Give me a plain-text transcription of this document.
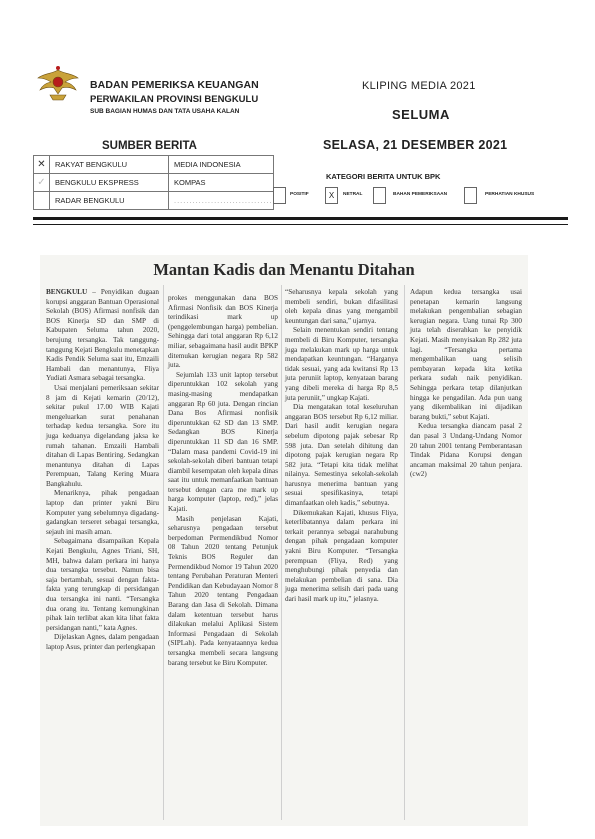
BADAN PEMERIKSA KEUANGAN
PERWAKILAN PROVINSI BENGKULU
SUB BAGIAN HUMAS DAN TATA USAHA KALAN
KLIPING MEDIA 2021
SELUMA
SELASA, 21 DESEMBER 2021
SUMBER BERITA
✕	RAKYAT BENGKULU	MEDIA INDONESIA
✓	BENGKULU EKSPRESS	KOMPAS
	RADAR BENGKULU	................................
KATEGORI BERITA UNTUK BPK
POSITIF	X	NETRAL	BAHAN PEMERIKSAAN	PERHATIAN KHUSUS
Mantan Kadis dan Menantu Ditahan

BENGKULU – Penyidikan dugaan korupsi anggaran Bantuan Operasional Sekolah (BOS) Afirmasi nonfisik dan BOS Kinerja SD dan SMP di Kabupaten Seluma tahun 2020, berujung tersangka. Tak tanggung-tanggung Kejati Bengkulu menetapkan Kadis Pendik Seluma saat itu, Emzaili Hambali dan menantunya, Fliya Yudiati Asmara sebagai tersangka.

Usai menjalani pemeriksaan sekitar 8 jam di Kejati kemarin (20/12), sekitar pukul 17.00 WIB Kajati mengeluarkan surat penahanan terhadap kedua tersangka. Sore itu juga keduanya digelandang jaksa ke rumah tahanan. Emzaili Hambali ditahan di Lapas Bentiring. Sedangkan menantunya ditahan di Lapas Perempuan, Talang Kering Muara Bangkahulu.

Menariknya, pihak pengadaan laptop dan printer yakni Biru Komputer yang sebelumnya digadang-gadangkan terseret sebagai tersangka, sejauh ini masih aman.

Sebagaimana disampaikan Kepala Kejati Bengkulu, Agnes Triani, SH, MH, bahwa dalam perkara ini hanya dua tersangka tersebut. Namun bisa saja bertambah, sesuai dengan fakta-fakta yang terungkap di persidangan dua tersangka ini nanti. “Tersangka dua orang itu. Tentang kemungkinan pihak lain terlibat akan kita lihat fakta persidangan nanti,” kata Agnes.

Dijelaskan Agnes, dalam pengadaan laptop Asus, printer dan perlengkapan

prokes menggunakan dana BOS Afirmasi Nonfisik dan BOS Kinerja terindikasi mark up (penggelembungan harga) pembelian. Sehingga dari total anggaran Rp 6,12 miliar, sebagaimana hasil audit BPKP ditemukan kerugian negara Rp 582 juta.

Sejumlah 133 unit laptop tersebut diperuntukkan 102 sekolah yang masing-masing mendapatkan anggaran Rp 60 juta. Dengan rincian Dana Bos Afirmasi nonfisik diperuntukkan 62 SD dan 13 SMP. Sedangkan BOS Kinerja diperuntukkan 11 SD dan 16 SMP. “Dalam masa pandemi Covid-19 ini sekolah-sekolah diberi bantuan tetapi diambil kesempatan oleh kepala dinas saat itu untuk memanfaatkan bantuan tersebut dengan cara me mark up harga komputer (laptop, red),” jelas Kajati.

Masih penjelasan Kajati, seharusnya pengadaan tersebut berpedoman Permendikbud Nomor 08 Tahun 2020 tentang Petunjuk Teknis BOS Reguler dan Permendikbud Nomor 19 Tahun 2020 tentang Perubahan Peraturan Menteri Pendidikan dan Kebudayaan Nomor 8 Tahun 2020 tentang Pengadaan Barang dan Jasa di Sekolah. Dimana dalam ketentuan tersebut harus dilakukan melalui Aplikasi Sistem Informasi Pengadaan di Sekolah (SIPLah). Pada kenyataannya kedua tersangka membeli secara langsung barang tersebut ke Biru Komputer.

“Seharusnya kepala sekolah yang membeli sendiri, bukan difasilitasi oleh kepala dinas yang mengambil keuntungan dari sana,” ujarnya.

Selain menentukan sendiri tentang membeli di Biru Komputer, tersangka juga melakukan mark up harga untuk mendapatkan keuntungan. “Harganya tidak sesuai, yang ada kwitansi Rp 13 juta peruniit laptop, kenyataan barang yang dibeli mereka di harga Rp 8,5 juta peruniit,” ungkap Kajati.

Dia mengatakan total keseluruhan anggaran BOS tersebut Rp 6,12 miliar. Dari hasil audit kerugian negara sebelum dipotong pajak sebesar Rp 598 juta. Dan setelah dihitung dan dipotong pajak kerugian negara Rp 582 juta. “Tetapi kita tidak melihat nilainya. Semestinya sekolah-sekolah harusnya menerima bantuan yang sesuai spesifikasinya, tetapi dimanfaatkan oleh kadis,” sebutnya.

Dikemukakan Kajati, khusus Fliya, keterlibatannya dalam perkara ini terkait perannya sebagai narahubung dengan pihak pengadaan komputer yakni Biru Komputer. “Tersangka perempuan (Fliya, Red) yang menghubungi pihak penyedia dan melakukan pembelian di sana. Dia juga menerima selisih dari pada uang dari hasil mark up itu,” jelasnya.

Adapun kedua tersangka usai penetapan kemarin langsung melakukan pengembalian sebagian kerugian negara. Uang tunai Rp 300 juta telah diserahkan ke penyidik Kejati. Masih menyisakan Rp 282 juta lagi. “Tersangka pertama mengembalikan uang selisih pembayaran kepada kita ketika perkara sudah naik penyidikan. Sehingga perkara tetap dilanjutkan hingga ke pengadilan. Ada pun uang yang dikembalikan ini dijadikan barang bukti,” sebut Kajati.

Kedua tersangka diancam pasal 2 dan pasal 3 Undang-Undang Nomor 20 tahun 2001 tentang Pemberantasan Tindak Pidana Korupsi dengan ancaman maksimal 20 tahun penjara. (cw2)
